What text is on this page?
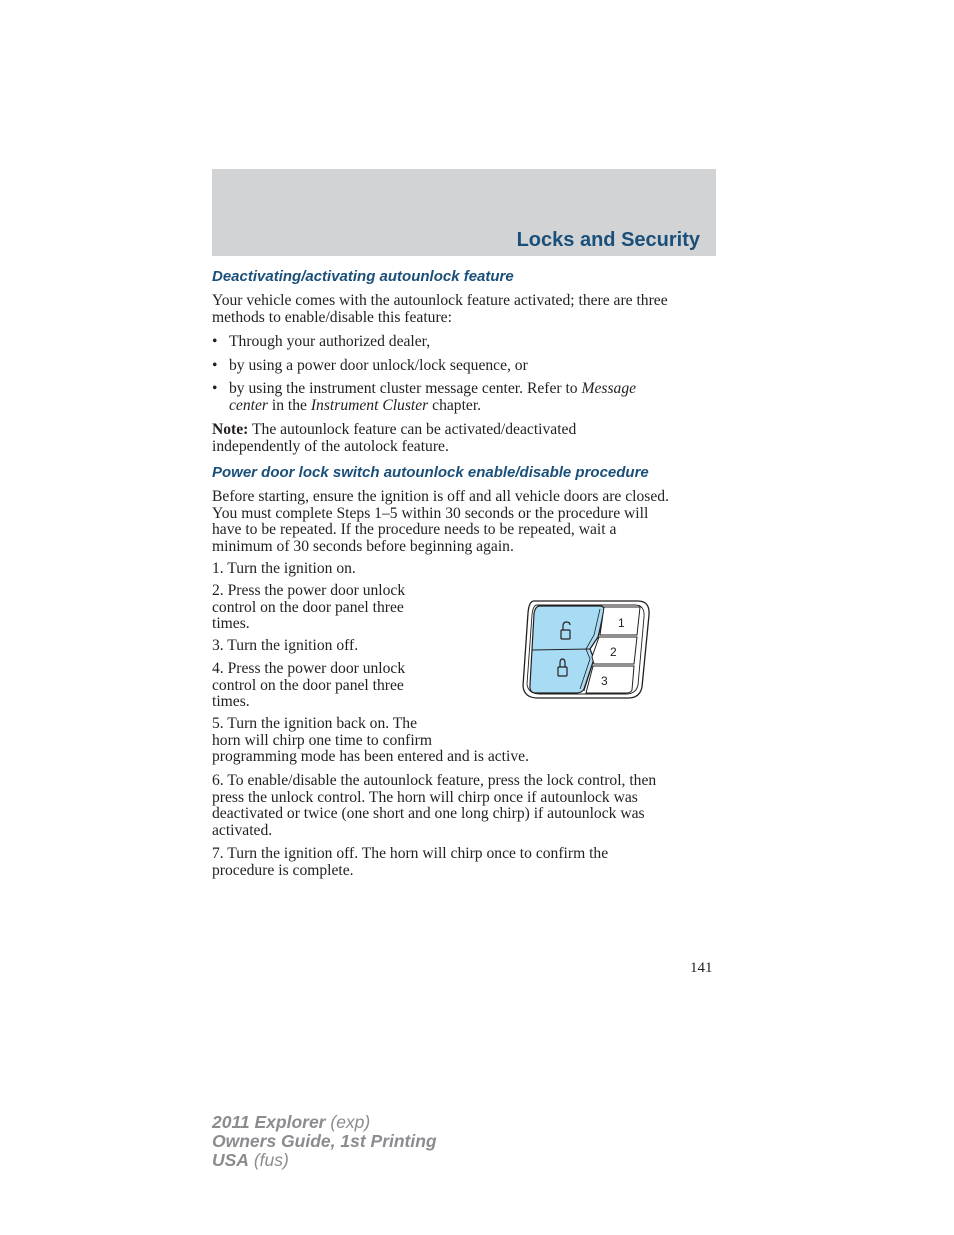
Locks and Security
Deactivating/activating autounlock feature
Your vehicle comes with the autounlock feature activated; there are three
methods to enable/disable this feature:
• Through your authorized dealer,
• by using a power door unlock/lock sequence, or
• by using the instrument cluster message center. Refer to Message
center in the Instrument Cluster chapter.
Note: The autounlock feature can be activated/deactivated
independently of the autolock feature.
Power door lock switch autounlock enable/disable procedure
Before starting, ensure the ignition is off and all vehicle doors are closed.
You must complete Steps 1–5 within 30 seconds or the procedure will
have to be repeated. If the procedure needs to be repeated, wait a
minimum of 30 seconds before beginning again.
1. Turn the ignition on.
2. Press the power door unlock
control on the door panel three
times.
3. Turn the ignition off.
4. Press the power door unlock
control on the door panel three
times.
5. Turn the ignition back on. The
horn will chirp one time to confirm
programming mode has been entered and is active.
6. To enable/disable the autounlock feature, press the lock control, then
press the unlock control. The horn will chirp once if autounlock was
deactivated or twice (one short and one long chirp) if autounlock was
activated.
7. Turn the ignition off. The horn will chirp once to confirm the
procedure is complete.
1
2
3
141
2011 Explorer (exp)
Owners Guide, 1st Printing
USA (fus)
